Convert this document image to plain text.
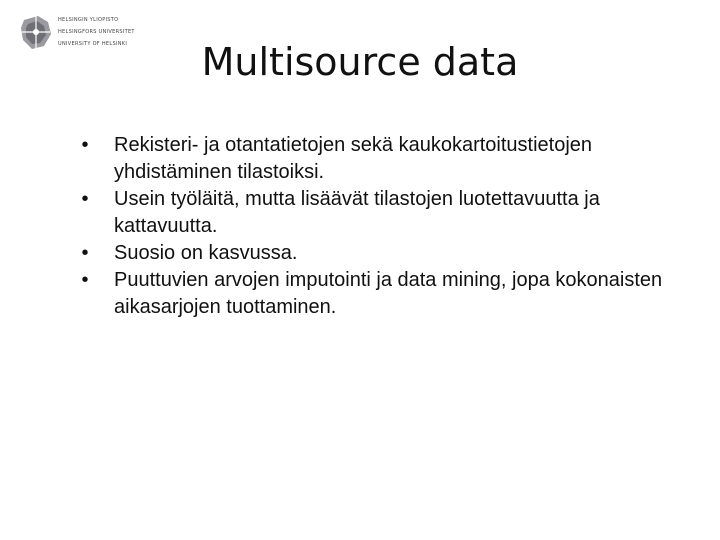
HELSINGIN YLIOPISTO
HELSINGFORS UNIVERSITET
UNIVERSITY OF HELSINKI	Multisource data
• Rekisteri- ja otantatietojen sekä kaukokartoitustietojen yhdistäminen tilastoiksi.
• Usein työläitä, mutta lisäävät tilastojen luotettavuutta ja kattavuutta.
• Suosio on kasvussa.
• Puuttuvien arvojen imputointi ja data mining, jopa kokonaisten aikasarjojen tuottaminen.
